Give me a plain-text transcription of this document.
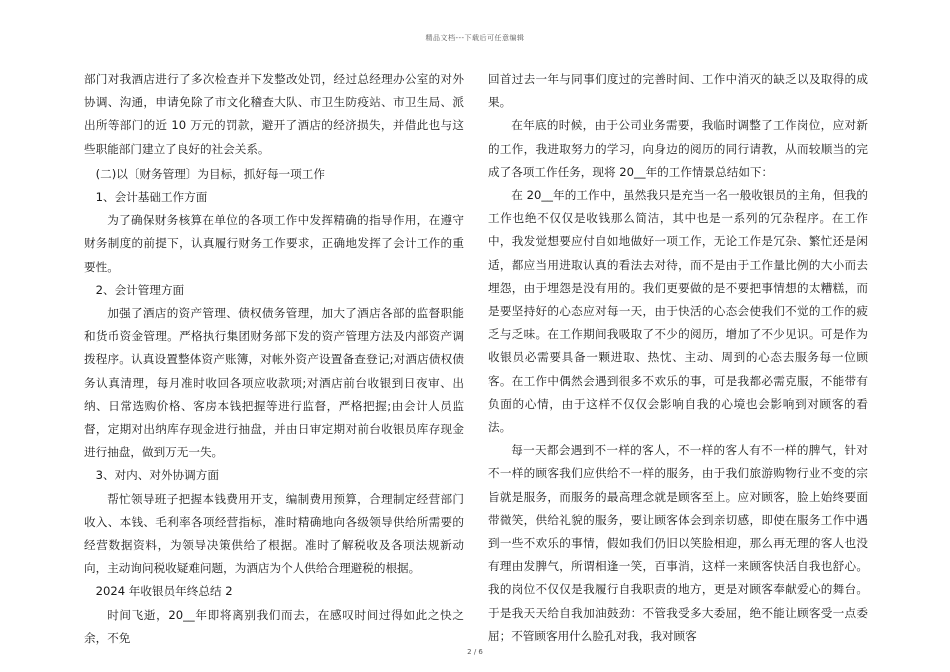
精品文档---下载后可任意编辑

部门对我酒店进行了多次检查并下发整改处罚，经过总经理办公室的对外协调、沟通，申请免除了市文化稽查大队、市卫生防疫站、市卫生局、派出所等部门的近 10 万元的罚款，避开了酒店的经济损失，并借此也与这些职能部门建立了良好的社会关系。

(二)以〔财务管理〕为目标，抓好每一项工作

1、会计基础工作方面

为了确保财务核算在单位的各项工作中发挥精确的指导作用，在遵守财务制度的前提下，认真履行财务工作要求，正确地发挥了会计工作的重要性。

2、会计管理方面

加强了酒店的资产管理、债权债务管理，加大了酒店各部的监督职能和货币资金管理。严格执行集团财务部下发的资产管理方法及内部资产调拨程序。认真设置整体资产账簿，对帐外资产设置备查登记;对酒店债权债务认真清理，每月准时收回各项应收款项;对酒店前台收银到日夜审、出纳、日常选购价格、客房本钱把握等进行监督，严格把握;由会计人员监督，定期对出纳库存现金进行抽盘，并由日审定期对前台收银员库存现金进行抽盘，做到万无一失。

3、对内、对外协调方面

帮忙领导班子把握本钱费用开支，编制费用预算，合理制定经营部门收入、本钱、毛利率各项经营指标，准时精确地向各级领导供给所需要的经营数据资料，为领导决策供给了根据。准时了解税收及各项法规新动向，主动询问税收疑难问题，为酒店为个人供给合理避税的根据。

2024 年收银员年终总结 2

时间飞逝，20__年即将离别我们而去，在感叹时间过得如此之快之余，不免

回首过去一年与同事们度过的完善时间、工作中消灭的缺乏以及取得的成果。

在年底的时候，由于公司业务需要，我临时调整了工作岗位，应对新的工作，我进取努力的学习，向身边的阅历的同行请教，从而较顺当的完成了各项工作任务，现将 20__年的工作情景总结如下：

在 20__年的工作中，虽然我只是充当一名一般收银员的主角，但我的工作也绝不仅仅是收钱那么简洁，其中也是一系列的冗杂程序。在工作中，我发觉想要应付自如地做好一项工作，无论工作是冗杂、繁忙还是闲适，都应当用进取认真的看法去对待，而不是由于工作量比例的大小而去埋怨，由于埋怨是没有用的。我们更要做的是不要把事情想的太糟糕，而是要坚持好的心态应对每一天，由于快活的心态会使我们不觉的工作的疲乏与乏味。在工作期间我吸取了不少的阅历，增加了不少见识。可是作为收银员必需要具备一颗进取、热忱、主动、周到的心态去服务每一位顾客。在工作中偶然会遇到很多不欢乐的事，可是我都必需克服，不能带有负面的心情，由于这样不仅仅会影响自我的心境也会影响到对顾客的看法。

每一天都会遇到不一样的客人，不一样的客人有不一样的脾气，针对不一样的顾客我们应供给不一样的服务，由于我们旅游购物行业不变的宗旨就是服务，而服务的最高理念就是顾客至上。应对顾客，脸上始终要面带微笑，供给礼貌的服务，要让顾客体会到亲切感，即使在服务工作中遇到一些不欢乐的事情，假如我们仍旧以笑脸相迎，那么再无理的客人也没有理由发脾气，所谓相逢一笑，百事消，这样一来顾客快活自我也舒心。我的岗位不仅仅是我履行自我职责的地方，更是对顾客奉献爱心的舞台。于是我天天给自我加油鼓劲：不管我受多大委屈，绝不能让顾客受一点委屈；不管顾客用什么脸孔对我，我对顾客

2 / 6
